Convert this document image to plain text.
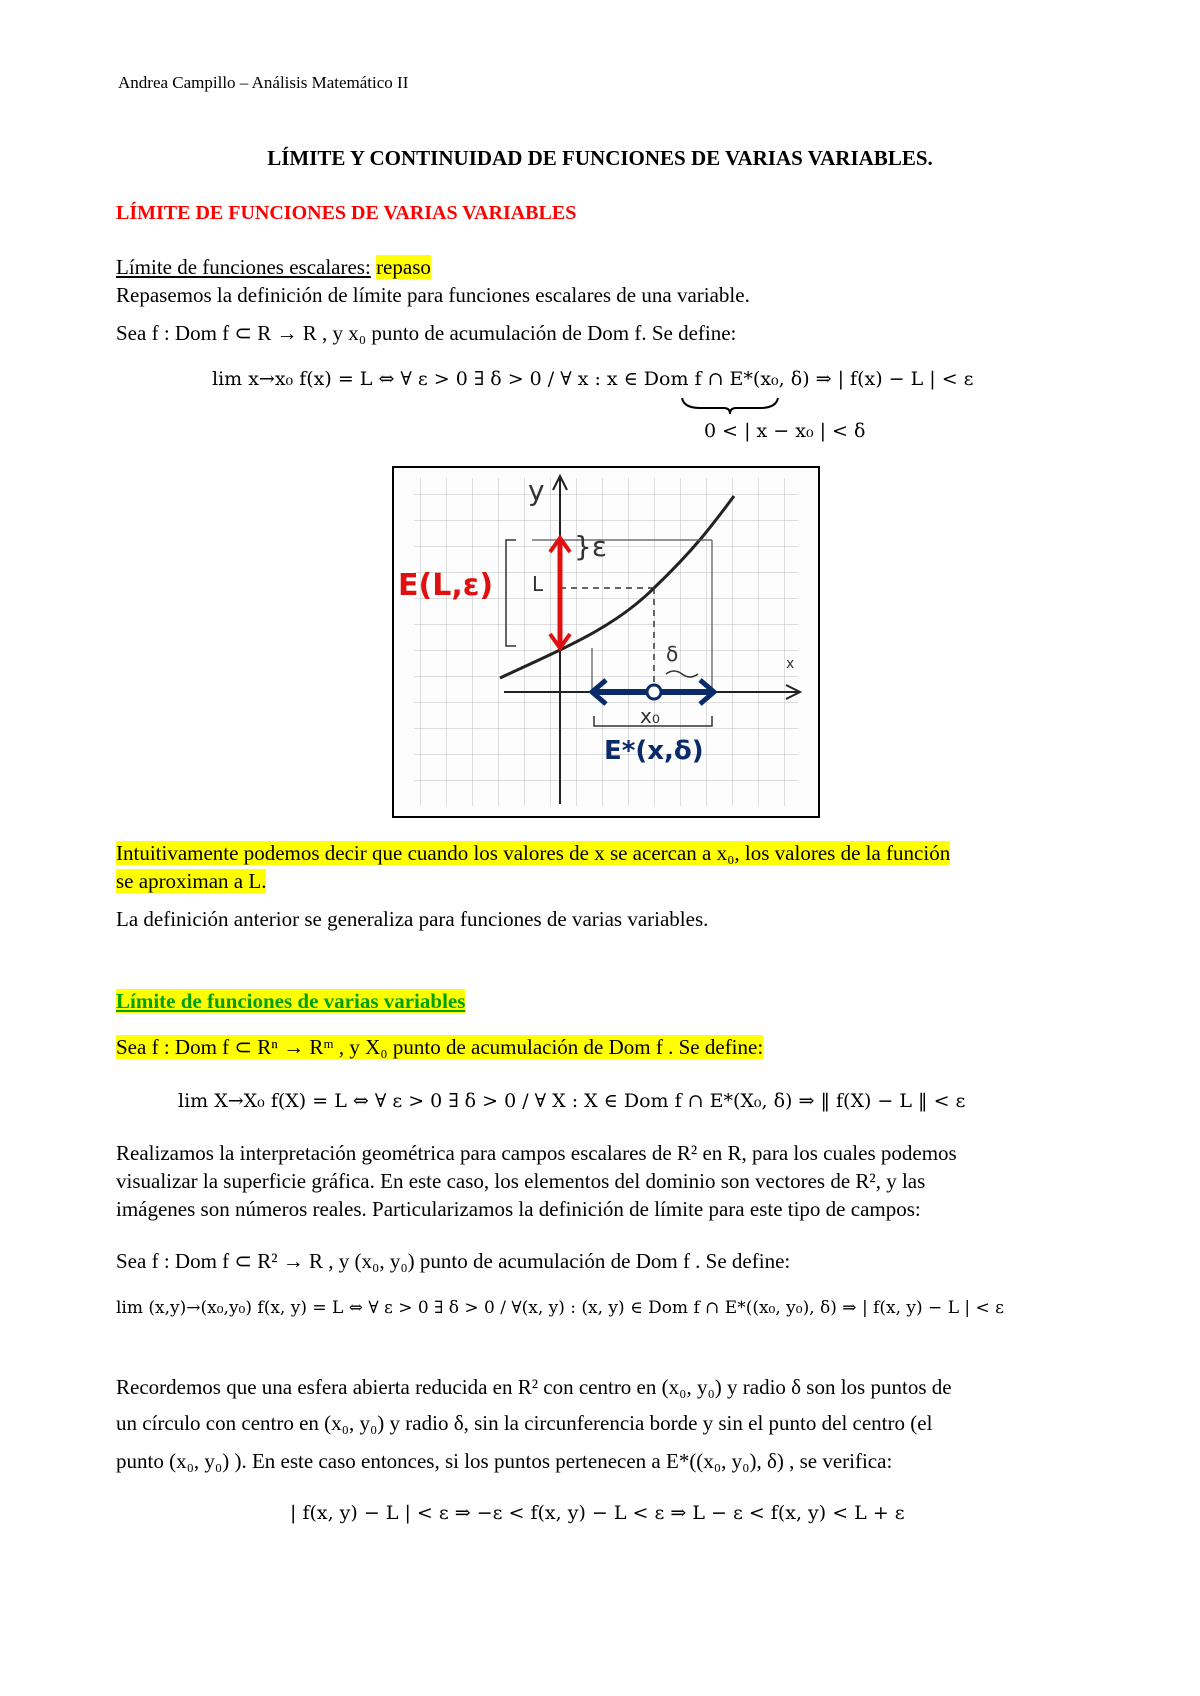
Andrea Campillo – Análisis Matemático II
LÍMITE Y CONTINUIDAD DE FUNCIONES DE VARIAS VARIABLES.
LÍMITE DE FUNCIONES DE VARIAS VARIABLES
Límite de funciones escalares: repaso
Repasemos la definición de límite para funciones escalares de una variable.
Sea f : Dom f ⊂ R → R , y x₀ punto de acumulación de Dom f. Se define:
lim x→x₀ f(x) = L ⇔ ∀ ε > 0 ∃ δ > 0 / ∀ x : x ∈ Dom f ∩ E*(x₀, δ) ⇒ | f(x) − L | < ε
0 < | x − x₀ | < δ
y
x
L
}ε
δ
x₀
E(L,ε)
E*(x,δ)
Intuitivamente podemos decir que cuando los valores de x se acercan a x₀, los valores de la función
se aproximan a L.
La definición anterior se generaliza para funciones de varias variables.
Límite de funciones de varias variables
Sea f : Dom f ⊂ Rⁿ → Rᵐ , y X₀ punto de acumulación de Dom f . Se define:
lim X→X₀ f(X) = L ⇔ ∀ ε > 0 ∃ δ > 0 / ∀ X : X ∈ Dom f ∩ E*(X₀, δ) ⇒ ‖ f(X) − L ‖ < ε
Realizamos la interpretación geométrica para campos escalares de R² en R, para los cuales podemos
visualizar la superficie gráfica. En este caso, los elementos del dominio son vectores de R², y las
imágenes son números reales. Particularizamos la definición de límite para este tipo de campos:
Sea f : Dom f ⊂ R² → R , y (x₀, y₀) punto de acumulación de Dom f . Se define:
lim (x,y)→(x₀,y₀) f(x, y) = L ⇔ ∀ ε > 0 ∃ δ > 0 / ∀(x, y) : (x, y) ∈ Dom f ∩ E*((x₀, y₀), δ) ⇒ | f(x, y) − L | < ε
Recordemos que una esfera abierta reducida en R² con centro en (x₀, y₀) y radio δ son los puntos de
un círculo con centro en (x₀, y₀) y radio δ, sin la circunferencia borde y sin el punto del centro (el
punto (x₀, y₀) ). En este caso entonces, si los puntos pertenecen a E*((x₀, y₀), δ) , se verifica:
| f(x, y) − L | < ε ⇒ −ε < f(x, y) − L < ε ⇒ L − ε < f(x, y) < L + ε
